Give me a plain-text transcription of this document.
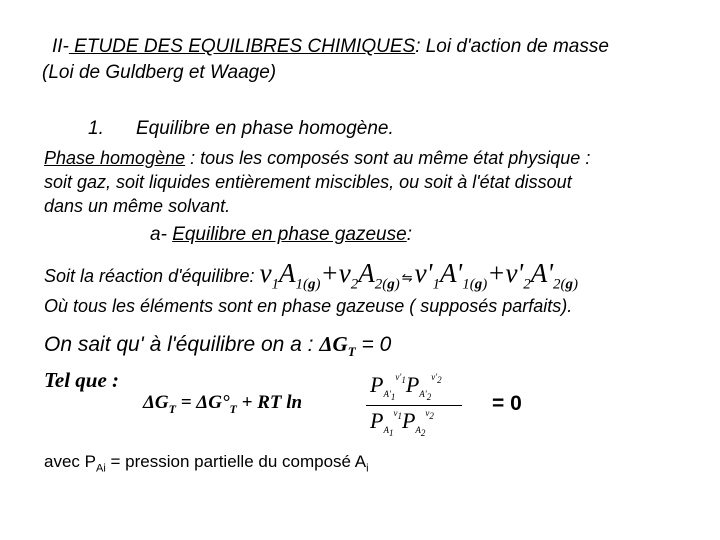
II- ETUDE DES EQUILIBRES CHIMIQUES: Loi d'action de masse
(Loi de Guldberg et Waage)
1. Equilibre en phase homogène.
Phase homogène : tous les composés sont au même état physique :
soit gaz, soit liquides entièrement miscibles, ou soit à l'état dissout
dans un même solvant.
a- Equilibre en phase gazeuse:
Soit la réaction d'équilibre: $\nu_1A_{1(g)}+\nu_2A_{2(g)}$ $⇋\nu'_1A'_{1(g)}+\nu'_2A'_{2(g)}$
Où tous les éléments sont en phase gazeuse ( supposés parfaits).
On sait qu' à l'équilibre on a : $\Delta G_T = 0$
Tel que :
$\Delta G_T = \Delta G^\circ_T$ + RT ln
$P_{A'_1}^{\nu'_1}P_{A'_2}^{\nu'_2}$
$P_{A_1}^{\nu_1}P_{A_2}^{\nu_2}$
= 0
avec $P_{Ai}$ = pression partielle du composé $A_i$
